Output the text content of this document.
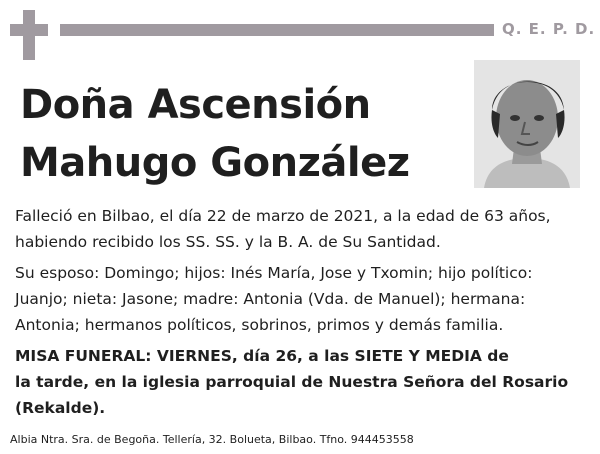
Q. E. P. D.
Doña Ascensión
Mahugo González
Falleció en Bilbao, el día 22 de marzo de 2021, a la edad de 63 años,
habiendo recibido los SS. SS. y la B. A. de Su Santidad.
Su esposo: Domingo; hijos: Inés María, Jose y Txomin; hijo político:
Juanjo; nieta: Jasone; madre: Antonia (Vda. de Manuel); hermana:
Antonia; hermanos políticos, sobrinos, primos y demás familia.
MISA FUNERAL: VIERNES, día 26, a las SIETE Y MEDIA de
la tarde, en la iglesia parroquial de Nuestra Señora del Rosario
(Rekalde).
Albia Ntra. Sra. de Begoña. Tellería, 32. Bolueta, Bilbao. Tfno. 944453558
